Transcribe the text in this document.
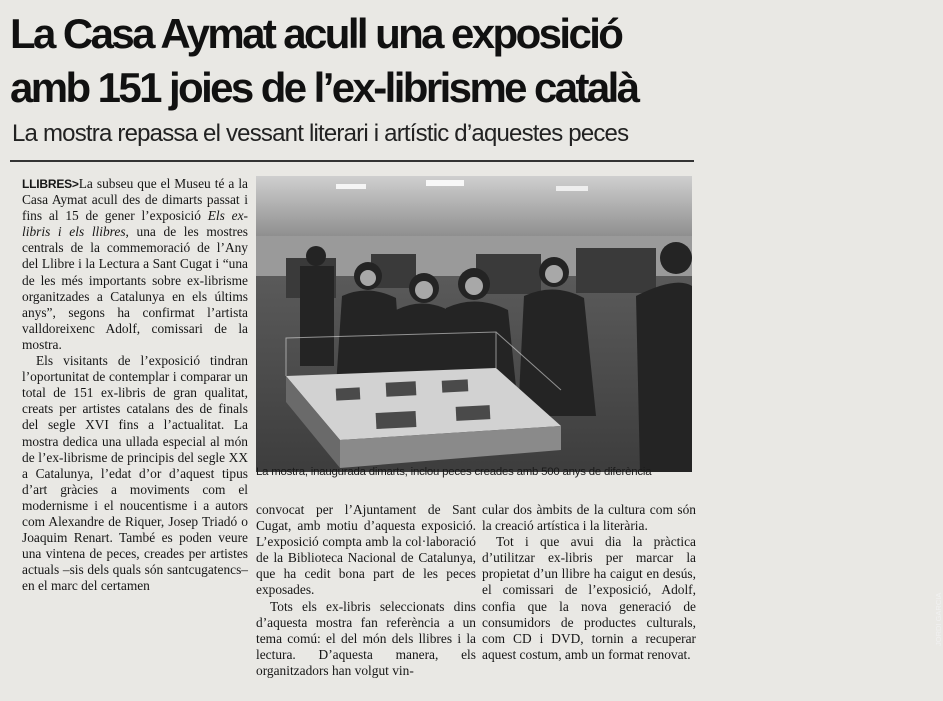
La Casa Aymat acull una exposició
amb 151 joies de l’ex-librisme català
La mostra repassa el vessant literari i artístic d’aquestes peces

LLIBRES>La subseu que el Museu té a la Casa Aymat acull des de dimarts passat i fins al 15 de gener l’exposició Els ex-libris i els llibres, una de les mostres centrals de la commemoració de l’Any del Llibre i la Lectura a Sant Cugat i “una de les més importants sobre ex-librisme organitzades a Catalunya en els últims anys”, segons ha confirmat l’artista valldoreixenc Adolf, comissari de la mostra.

Els visitants de l’exposició tindran l’oportunitat de contemplar i comparar un total de 151 ex-libris de gran qualitat, creats per artistes catalans des de finals del segle XVI fins a l’actualitat. La mostra dedica una ullada especial al món de l’ex-librisme de principis del segle XX a Catalunya, l’edat d’or d’aquest tipus d’art gràcies a moviments com el modernisme i el noucentisme i a autors com Alexandre de Riquer, Josep Triadó o Joaquim Renart. També es poden veure una vintena de peces, creades per artistes actuals –sis dels quals són santcugatencs– en el marc del certamen

JORDI GARCIA
La mostra, inaugurada dimarts, inclou peces creades amb 500 anys de diferència

convocat per l’Ajuntament de Sant Cugat, amb motiu d’aquesta exposició. L’exposició compta amb la col·laboració de la Biblioteca Nacional de Catalunya, que ha cedit bona part de les peces exposades.

Tots els ex-libris seleccionats dins d’aquesta mostra fan referència a un tema comú: el del món dels llibres i la lectura. D’aquesta manera, els organitzadors han volgut vin-

cular dos àmbits de la cultura com són la creació artística i la literària.

Tot i que avui dia la pràctica d’utilitzar ex-libris per marcar la propietat d’un llibre ha caigut en desús, el comissari de l’exposició, Adolf, confia que la nova generació de consumidors de productes culturals, com CD i DVD, tornin a recuperar aquest costum, amb un format renovat.
